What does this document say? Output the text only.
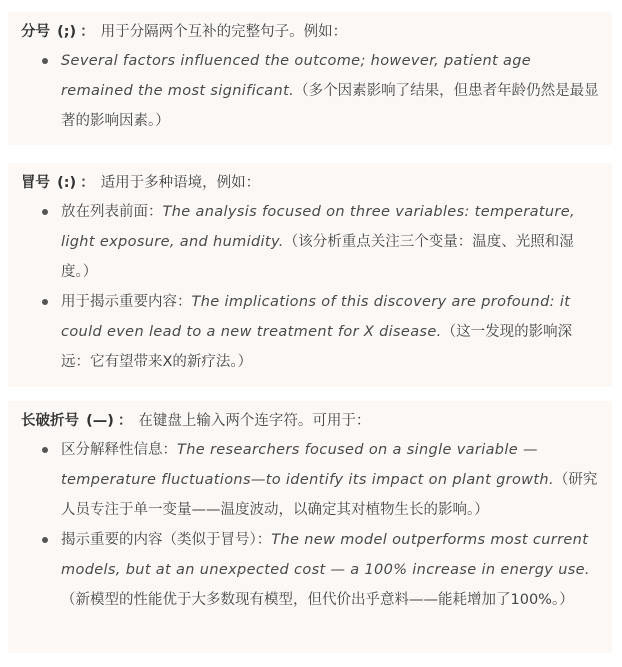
分号 (;) ： 用于分隔两个互补的完整句子。例如：
Several factors influenced the outcome; however, patient age remained the most significant.（多个因素影响了结果，但患者年龄仍然是最显著的影响因素。）
冒号 (:) ： 适用于多种语境，例如：
放在列表前面：The analysis focused on three variables: temperature, light exposure, and humidity.（该分析重点关注三个变量：温度、光照和湿度。）
用于揭示重要内容：The implications of this discovery are profound: it could even lead to a new treatment for X disease.（这一发现的影响深远：它有望带来X的新疗法。）
长破折号 (—) ： 在键盘上输入两个连字符。可用于：
区分解释性信息：The researchers focused on a single variable — temperature fluctuations—to identify its impact on plant growth.（研究人员专注于单一变量——温度波动，以确定其对植物生长的影响。）
揭示重要的内容（类似于冒号）：The new model outperforms most current models, but at an unexpected cost — a 100% increase in energy use.（新模型的性能优于大多数现有模型，但代价出乎意料——能耗增加了100%。）
